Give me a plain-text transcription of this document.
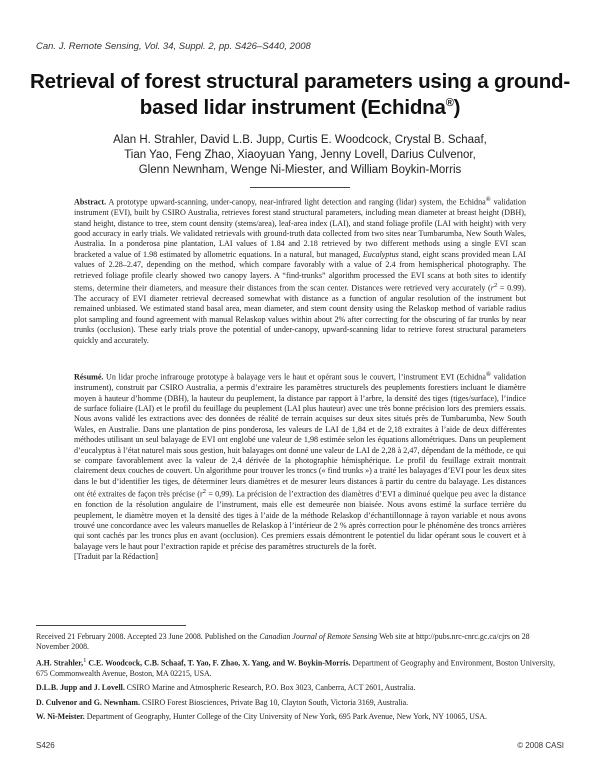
Can. J. Remote Sensing, Vol. 34, Suppl. 2, pp. S426–S440, 2008
Retrieval of forest structural parameters using a ground-based lidar instrument (Echidna®)
Alan H. Strahler, David L.B. Jupp, Curtis E. Woodcock, Crystal B. Schaaf,
Tian Yao, Feng Zhao, Xiaoyuan Yang, Jenny Lovell, Darius Culvenor,
Glenn Newnham, Wenge Ni-Miester, and William Boykin-Morris
Abstract. A prototype upward-scanning, under-canopy, near-infrared light detection and ranging (lidar) system, the Echidna® validation instrument (EVI), built by CSIRO Australia, retrieves forest stand structural parameters, including mean diameter at breast height (DBH), stand height, distance to tree, stem count density (stems/area), leaf-area index (LAI), and stand foliage profile (LAI with height) with very good accuracy in early trials. We validated retrievals with ground-truth data collected from two sites near Tumbarumba, New South Wales, Australia. In a ponderosa pine plantation, LAI values of 1.84 and 2.18 retrieved by two different methods using a single EVI scan bracketed a value of 1.98 estimated by allometric equations. In a natural, but managed, Eucalyptus stand, eight scans provided mean LAI values of 2.28–2.47, depending on the method, which compare favorably with a value of 2.4 from hemispherical photography. The retrieved foliage profile clearly showed two canopy layers. A “find-trunks” algorithm processed the EVI scans at both sites to identify stems, determine their diameters, and measure their distances from the scan center. Distances were retrieved very accurately $(r^2 = 0.99)$. The accuracy of EVI diameter retrieval decreased somewhat with distance as a function of angular resolution of the instrument but remained unbiased. We estimated stand basal area, mean diameter, and stem count density using the Relaskop method of variable radius plot sampling and found agreement with manual Relaskop values within about 2% after correcting for the obscuring of far trunks by near trunks (occlusion). These early trials prove the potential of under-canopy, upward-scanning lidar to retrieve forest structural parameters quickly and accurately.
Résumé. Un lidar proche infrarouge prototype à balayage vers le haut et opérant sous le couvert, l’instrument EVI (Echidna® validation instrument), construit par CSIRO Australia, a permis d’extraire les paramètres structurels des peuplements forestiers incluant le diamètre moyen à hauteur d’homme (DBH), la hauteur du peuplement, la distance par rapport à l’arbre, la densité des tiges (tiges/surface), l’indice de surface foliaire (LAI) et le profil du feuillage du peuplement (LAI plus hauteur) avec une très bonne précision lors des premiers essais. Nous avons validé les extractions avec des données de réalité de terrain acquises sur deux sites situés près de Tumbarumba, New South Wales, en Australie. Dans une plantation de pins ponderosa, les valeurs de LAI de 1,84 et de 2,18 extraites à l’aide de deux différentes méthodes utilisant un seul balayage de EVI ont englobé une valeur de 1,98 estimée selon les équations allométriques. Dans un peuplement d’eucalyptus à l’état naturel mais sous gestion, huit balayages ont donné une valeur de LAI de 2,28 à 2,47, dépendant de la méthode, ce qui se compare favorablement avec la valeur de 2,4 dérivée de la photographie hémisphérique. Le profil du feuillage extrait montrait clairement deux couches de couvert. Un algorithme pour trouver les troncs (« find trunks ») a traité les balayages d’EVI pour les deux sites dans le but d’identifier les tiges, de déterminer leurs diamètres et de mesurer leurs distances à partir du centre du balayage. Les distances ont été extraites de façon très précise $(r^2 = 0,99)$. La précision de l’extraction des diamètres d’EVI a diminué quelque peu avec la distance en fonction de la résolution angulaire de l’instrument, mais elle est demeurée non biaisée. Nous avons estimé la surface terrière du peuplement, le diamètre moyen et la densité des tiges à l’aide de la méthode Relaskop d’échantillonnage à rayon variable et nous avons trouvé une concordance avec les valeurs manuelles de Relaskop à l’intérieur de 2 % après correction pour le phénomène des troncs arrières qui sont cachés par les troncs plus en avant (occlusion). Ces premiers essais démontrent le potentiel du lidar opérant sous le couvert et à balayage vers le haut pour l’extraction rapide et précise des paramètres structurels de la forêt.
[Traduit par la Rédaction]

Received 21 February 2008. Accepted 23 June 2008. Published on the Canadian Journal of Remote Sensing Web site at http://pubs.nrc-cnrc.gc.ca/cjrs on 28 November 2008.

A.H. Strahler,$^1$ C.E. Woodcock, C.B. Schaaf, T. Yao, F. Zhao, X. Yang, and W. Boykin-Morris. Department of Geography and Environment, Boston University, 675 Commonwealth Avenue, Boston, MA 02215, USA.

D.L.B. Jupp and J. Lovell. CSIRO Marine and Atmospheric Research, P.O. Box 3023, Canberra, ACT 2601, Australia.

D. Culvenor and G. Newnham. CSIRO Forest Biosciences, Private Bag 10, Clayton South, Victoria 3169, Australia.

W. Ni-Meister. Department of Geography, Hunter College of the City University of New York, 695 Park Avenue, New York, NY 10065, USA.

S426	© 2008 CASI
